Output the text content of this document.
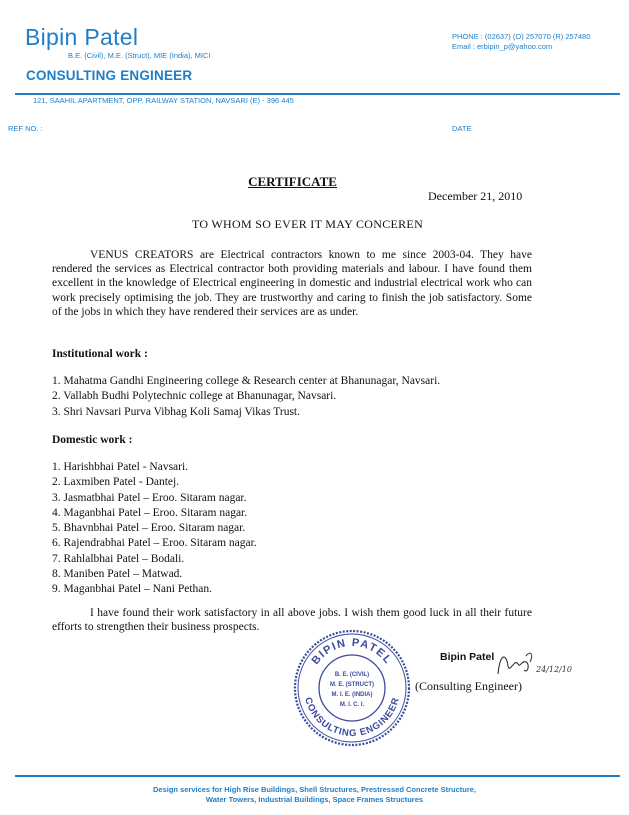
Bipin Patel
B.E. (Civil), M.E. (Struct), MIE (India), MICI
CONSULTING ENGINEER
PHONE : (02637) (O) 257070 (R) 257480
Email : erbipin_p@yahoo.com
121, SAAHIL APARTMENT, OPP. RAILWAY STATION, NAVSARI (E) - 396 445
REF NO. :	DATE
CERTIFICATE
December 21, 2010
TO WHOM SO EVER IT MAY CONCEREN
VENUS CREATORS are Electrical contractors known to me since 2003-04. They have rendered the services as Electrical contractor both providing materials and labour. I have found them excellent in the knowledge of Electrical engineering in domestic and industrial electrical work who can work precisely optimising the job. They are trustworthy and caring to finish the job satisfactory. Some of the jobs in which they have rendered their services are as under.
Institutional work :
1. Mahatma Gandhi Engineering college & Research center at Bhanunagar, Navsari.
2. Vallabh Budhi Polytechnic college at Bhanunagar, Navsari.
3. Shri Navsari Purva Vibhag Koli Samaj Vikas Trust.
Domestic work :
1. Harishbhai Patel - Navsari.
2. Laxmiben Patel - Dantej.
3. Jasmatbhai Patel – Eroo. Sitaram nagar.
4. Maganbhai Patel – Eroo. Sitaram nagar.
5. Bhavnbhai Patel – Eroo. Sitaram nagar.
6. Rajendrabhai Patel – Eroo. Sitaram nagar.
7. Rahlalbhai Patel – Bodali.
8. Maniben Patel – Matwad.
9. Maganbhai Patel – Nani Pethan.
I have found their work satisfactory in all above jobs. I wish them good luck in all their future efforts to strengthen their business prospects.
BIPIN PATEL
CONSULTING ENGINEER
B. E. (CIVIL)
M. E. (STRUCT)
M. I. E. (INDIA)
M. I. C. I.
Bipin Patel
(Consulting Engineer)
24/12/10
Design services for High Rise Buildings, Shell Structures, Prestressed Concrete Structure,
Water Towers, Industrial Buildings, Space Frames Structures
